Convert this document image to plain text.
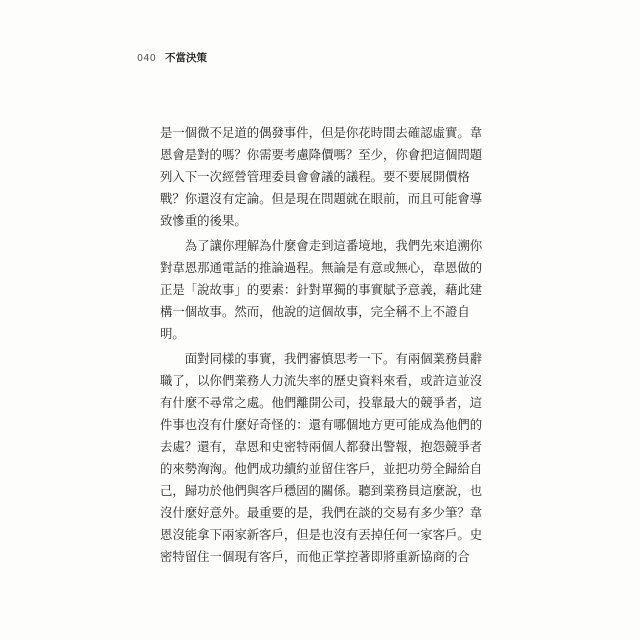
040 不當決策
是一個微不足道的偶發事件，但是你花時間去確認虛實。韋
恩會是對的嗎？你需要考慮降價嗎？至少，你會把這個問題
列入下一次經營管理委員會會議的議程。要不要展開價格
戰？你還沒有定論。但是現在問題就在眼前，而且可能會導
致慘重的後果。
為了讓你理解為什麼會走到這番境地，我們先來追溯你
對韋恩那通電話的推論過程。無論是有意或無心，韋恩做的
正是「說故事」的要素：針對單獨的事實賦予意義，藉此建
構一個故事。然而，他說的這個故事，完全稱不上不證自
明。
面對同樣的事實，我們審慎思考一下。有兩個業務員辭
職了，以你們業務人力流失率的歷史資料來看，或許這並沒
有什麼不尋常之處。他們離開公司，投靠最大的競爭者，這
件事也沒有什麼好奇怪的：還有哪個地方更可能成為他們的
去處？還有，韋恩和史密特兩個人都發出警報，抱怨競爭者
的來勢洶洶。他們成功續約並留住客戶，並把功勞全歸給自
己，歸功於他們與客戶穩固的關係。聽到業務員這麼說，也
沒什麼好意外。最重要的是，我們在談的交易有多少筆？韋
恩沒能拿下兩家新客戶，但是也沒有丟掉任何一家客戶。史
密特留住一個現有客戶，而他正掌控著即將重新協商的合
